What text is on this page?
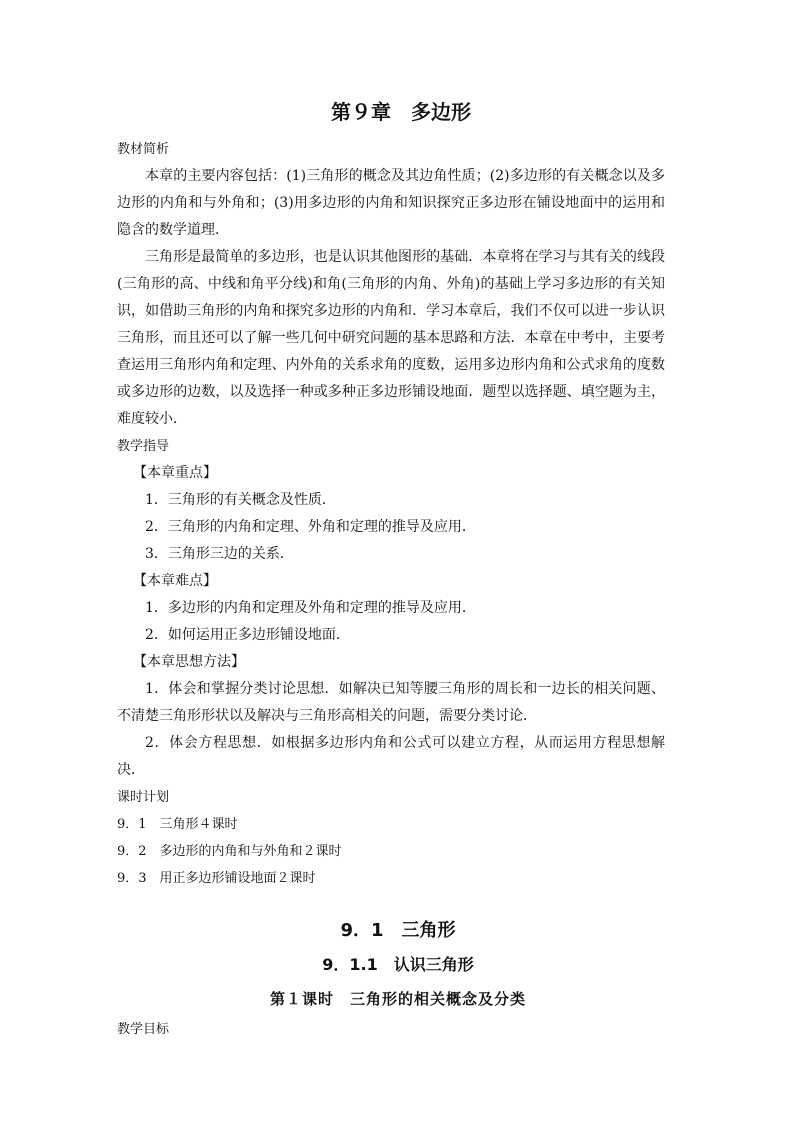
第９章　多边形
教材简析

本章的主要内容包括：(1)三角形的概念及其边角性质；(2)多边形的有关概念以及多边形的内角和与外角和；(3)用多边形的内角和知识探究正多边形在铺设地面中的运用和隐含的数学道理．

三角形是最简单的多边形，也是认识其他图形的基础．本章将在学习与其有关的线段(三角形的高、中线和角平分线)和角(三角形的内角、外角)的基础上学习多边形的有关知识，如借助三角形的内角和探究多边形的内角和．学习本章后，我们不仅可以进一步认识三角形，而且还可以了解一些几何中研究问题的基本思路和方法．本章在中考中，主要考查运用三角形内角和定理、内外角的关系求角的度数，运用多边形内角和公式求角的度数或多边形的边数，以及选择一种或多种正多边形铺设地面．题型以选择题、填空题为主，难度较小．

教学指导
【本章重点】
1．三角形的有关概念及性质．
2．三角形的内角和定理、外角和定理的推导及应用．
3．三角形三边的关系．
【本章难点】
1．多边形的内角和定理及外角和定理的推导及应用．
2．如何运用正多边形铺设地面．
【本章思想方法】

1．体会和掌握分类讨论思想．如解决已知等腰三角形的周长和一边长的相关问题、不清楚三角形形状以及解决与三角形高相关的问题，需要分类讨论．

2．体会方程思想．如根据多边形内角和公式可以建立方程，从而运用方程思想解决．

课时计划
9．1　三角形４课时
9．2　多边形的内角和与外角和２课时
9．3　用正多边形铺设地面２课时
9．1　三角形
9．1.1　认识三角形
第１课时　三角形的相关概念及分类
教学目标
